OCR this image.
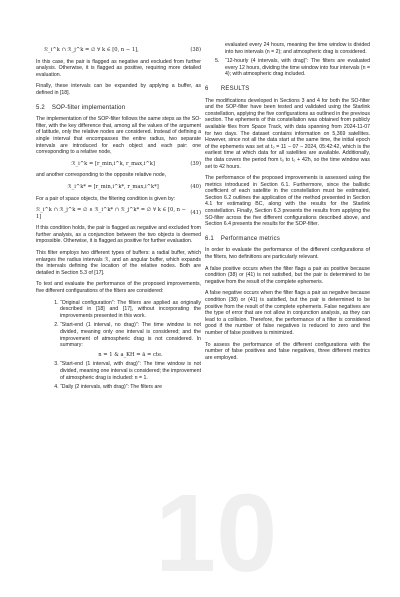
ℛ_i^k ∩ ℛ_j^k = ∅ ∀ k ∈ [0, n − 1],	(38)

In this case, the pair is flagged as negative and excluded from further analysis. Otherwise, it is flagged as positive, requiring more detailed evaluation.

Finally, these intervals can be expanded by applying a buffer, as defined in [18].

5.2 SOP-filter implementation

The implementation of the SOP-filter follows the same steps as the SO-filter, with the key difference that, among all the values of the argument of latitude, only the relative nodes are considered. Instead of defining a single interval that encompasses the entire radius, two separate intervals are introduced for each object and each pair: one corresponding to a relative node,

ℛ_i^k = [r_min,i^k, r_max,i^k]	(39)

and another corresponding to the opposite relative node,

ℛ_i^k* = [r_min,i^k*, r_max,i^k*]	(40)

For a pair of space objects, the filtering condition is given by:

ℛ_i^k ∩ ℛ_j^k = ∅ ∧ ℛ_i^k* ∩ ℛ_j^k* = ∅ ∀ k ∈ [0, n − 1]
(41)

If this condition holds, the pair is flagged as negative and excluded from further analysis, as a conjunction between the two objects is deemed impossible. Otherwise, it is flagged as positive for further evaluation.

This filter employs two different types of buffers: a radial buffer, which enlarges the radius intervals ℛ, and an angular buffer, which expands the intervals defining the location of the relative nodes. Both are detailed in Section 5.3 of [17].

To test and evaluate the performance of the proposed improvements, five different configurations of the filters are considered:

1. “Original configuration”: The filters are applied as originally described in [18] and [17], without incorporating the improvements presented in this work.
2. “Start-end (1 interval, no drag)”: The time window is not divided, meaning only one interval is considered; and the improvement of atmospheric drag is not considered. In summary:
n = 1 & a_KH = ā = cte.
3. “Start-end (1 interval, with drag)”: The time window is not divided, meaning one interval is considered; the improvement of atmospheric drag is included: n = 1.
4. “Daily (2 intervals, with drag)”: The filters are
evaluated every 24 hours, meaning the time window is divided into two intervals (n = 2); and atmospheric drag is considered.
5. “12-hourly (4 intervals, with drag)”: The filters are evaluated every 12 hours, dividing the time window into four intervals (n = 4); with atmospheric drag included.
6 RESULTS

The modifications developed in Sections 3 and 4 for both the SO-filter and the SOP-filter have been tested and validated using the Starlink constellation, applying the five configurations as outlined in the previous section. The ephemeris of this constellation was obtained from publicly available files from Space Track, with data spanning from 2024-11-07 for two days. The dataset contains information on 5,369 satellites. However, since not all the data start at the same time, the initial epoch of the ephemeris was set at t₀ = 11 − 07 − 2024, 05:42:42, which is the earliest time at which data for all satellites are available. Additionally, the data covers the period from t₀ to t₀ + 42h, so the time window was set to 42 hours.

The performance of the proposed improvements is assessed using the metrics introduced in Section 6.1. Furthermore, since the ballistic coefficient of each satellite in the constellation must be estimated, Section 6.2 outlines the application of the method presented in Section 4.1 for estimating BC, along with the results for the Starlink constellation. Finally, Section 6.3 presents the results from applying the SO-filter across the five different configurations described above, and Section 6.4 presents the results for the SOP-filter.

6.1 Performance metrics

In order to evaluate the performance of the different configurations of the filters, two definitions are particularly relevant.

A false positive occurs when the filter flags a pair as positive because condition (38) or (41) is not satisfied, but the pair is determined to be negative from the result of the complete ephemeris.

A false negative occurs when the filter flags a pair as negative because condition (38) or (41) is satisfied, but the pair is determined to be positive from the result of the complete ephemeris. False negatives are the type of error that are not allow in conjunction analysis, as they can lead to a collision. Therefore, the performance of a filter is considered good if the number of false negatives is reduced to zero and the number of false positives is minimized.

To assess the performance of the different configurations with the number of false positives and false negatives, three different metrics are employed.

10
